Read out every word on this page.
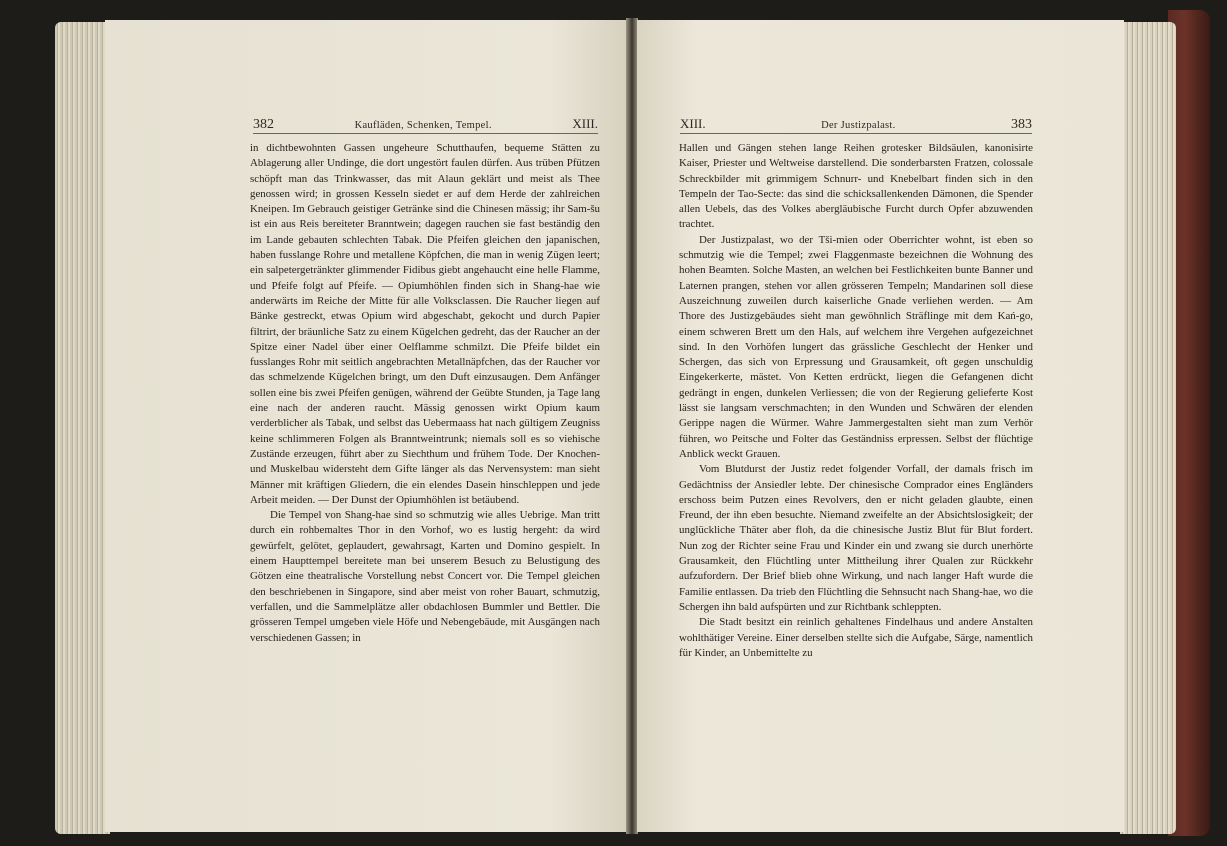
382	Kaufläden, Schenken, Tempel.	XIII.

in dichtbewohnten Gassen ungeheure Schutthaufen, bequeme Stätten zu Ablagerung aller Undinge, die dort ungestört faulen dürfen. Aus trüben Pfützen schöpft man das Trinkwasser, das mit Alaun geklärt und meist als Thee genossen wird; in grossen Kesseln siedet er auf dem Herde der zahlreichen Kneipen. Im Gebrauch geistiger Getränke sind die Chinesen mässig; ihr Sam-šu ist ein aus Reis bereiteter Branntwein; dagegen rauchen sie fast beständig den im Lande gebauten schlechten Tabak. Die Pfeifen gleichen den japanischen, haben fusslange Rohre und metallene Köpfchen, die man in wenig Zügen leert; ein salpetergetränkter glimmender Fidibus giebt angehaucht eine helle Flamme, und Pfeife folgt auf Pfeife. — Opiumhöhlen finden sich in Shang-hae wie anderwärts im Reiche der Mitte für alle Volksclassen. Die Raucher liegen auf Bänke gestreckt, etwas Opium wird abgeschabt, gekocht und durch Papier filtrirt, der bräunliche Satz zu einem Kügelchen gedreht, das der Raucher an der Spitze einer Nadel über einer Oelflamme schmilzt. Die Pfeife bildet ein fusslanges Rohr mit seitlich angebrachten Metallnäpfchen, das der Raucher vor das schmelzende Kügelchen bringt, um den Duft einzusaugen. Dem Anfänger sollen eine bis zwei Pfeifen genügen, während der Geübte Stunden, ja Tage lang eine nach der anderen raucht. Mässig genossen wirkt Opium kaum verderblicher als Tabak, und selbst das Uebermaass hat nach gültigem Zeugniss keine schlimmeren Folgen als Branntweintrunk; niemals soll es so viehische Zustände erzeugen, führt aber zu Siechthum und frühem Tode. Der Knochen- und Muskelbau widersteht dem Gifte länger als das Nervensystem: man sieht Männer mit kräftigen Gliedern, die ein elendes Dasein hinschleppen und jede Arbeit meiden. — Der Dunst der Opiumhöhlen ist betäubend.

Die Tempel von Shang-hae sind so schmutzig wie alles Uebrige. Man tritt durch ein rohbemaltes Thor in den Vorhof, wo es lustig hergeht: da wird gewürfelt, gelötet, geplaudert, gewahrsagt, Karten und Domino gespielt. In einem Haupttempel bereitete man bei unserem Besuch zu Belustigung des Götzen eine theatralische Vorstellung nebst Concert vor. Die Tempel gleichen den beschriebenen in Singapore, sind aber meist von roher Bauart, schmutzig, verfallen, und die Sammelplätze aller obdachlosen Bummler und Bettler. Die grösseren Tempel umgeben viele Höfe und Nebengebäude, mit Ausgängen nach verschiedenen Gassen; in

XIII.	Der Justizpalast.	383

Hallen und Gängen stehen lange Reihen grotesker Bildsäulen, kanonisirte Kaiser, Priester und Weltweise darstellend. Die sonderbarsten Fratzen, colossale Schreckbilder mit grimmigem Schnurr- und Knebelbart finden sich in den Tempeln der Tao-Secte: das sind die schicksallenkenden Dämonen, die Spender allen Uebels, das des Volkes abergläubische Furcht durch Opfer abzuwenden trachtet.

Der Justizpalast, wo der Tši-mien oder Oberrichter wohnt, ist eben so schmutzig wie die Tempel; zwei Flaggenmaste bezeichnen die Wohnung des hohen Beamten. Solche Masten, an welchen bei Festlichkeiten bunte Banner und Laternen prangen, stehen vor allen grösseren Tempeln; Mandarinen soll diese Auszeichnung zuweilen durch kaiserliche Gnade verliehen werden. — Am Thore des Justizgebäudes sieht man gewöhnlich Sträflinge mit dem Kań-go, einem schweren Brett um den Hals, auf welchem ihre Vergehen aufgezeichnet sind. In den Vorhöfen lungert das grässliche Geschlecht der Henker und Schergen, das sich von Erpressung und Grausamkeit, oft gegen unschuldig Eingekerkerte, mästet. Von Ketten erdrückt, liegen die Gefangenen dicht gedrängt in engen, dunkelen Verliessen; die von der Regierung gelieferte Kost lässt sie langsam verschmachten; in den Wunden und Schwären der elenden Gerippe nagen die Würmer. Wahre Jammergestalten sieht man zum Verhör führen, wo Peitsche und Folter das Geständniss erpressen. Selbst der flüchtige Anblick weckt Grauen.

Vom Blutdurst der Justiz redet folgender Vorfall, der damals frisch im Gedächtniss der Ansiedler lebte. Der chinesische Comprador eines Engländers erschoss beim Putzen eines Revolvers, den er nicht geladen glaubte, einen Freund, der ihn eben besuchte. Niemand zweifelte an der Absichtslosigkeit; der unglückliche Thäter aber floh, da die chinesische Justiz Blut für Blut fordert. Nun zog der Richter seine Frau und Kinder ein und zwang sie durch unerhörte Grausamkeit, den Flüchtling unter Mittheilung ihrer Qualen zur Rückkehr aufzufordern. Der Brief blieb ohne Wirkung, und nach langer Haft wurde die Familie entlassen. Da trieb den Flüchtling die Sehnsucht nach Shang-hae, wo die Schergen ihn bald aufspürten und zur Richtbank schleppten.

Die Stadt besitzt ein reinlich gehaltenes Findelhaus und andere Anstalten wohlthätiger Vereine. Einer derselben stellte sich die Aufgabe, Särge, namentlich für Kinder, an Unbemittelte zu
